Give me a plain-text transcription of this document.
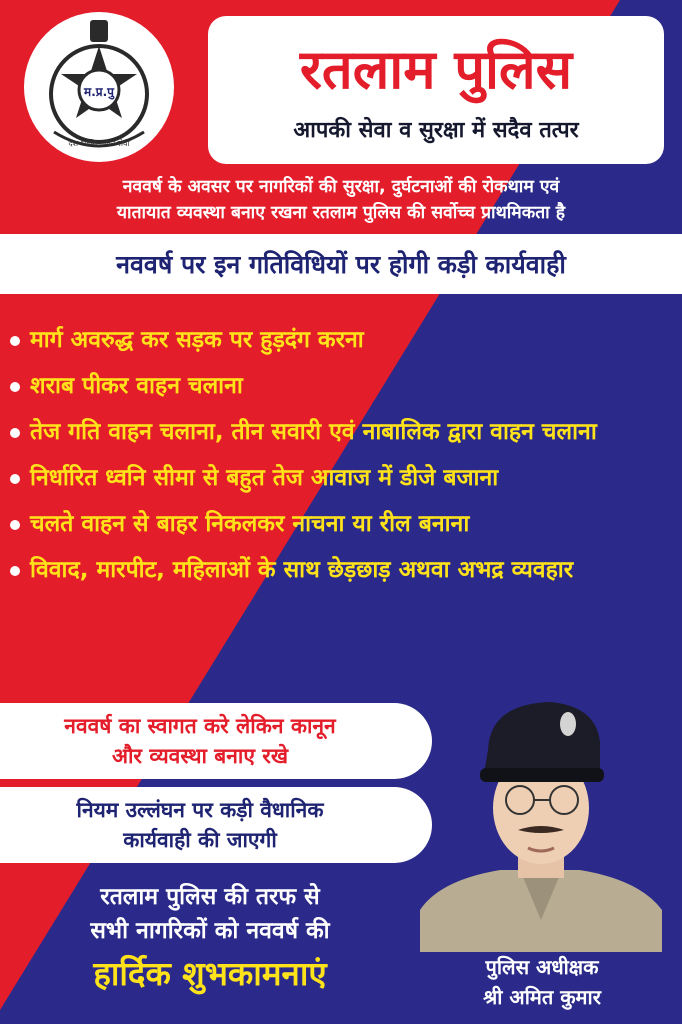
म.प्र.पु
देश भक्ति · जन सेवा
रतलाम पुलिस
आपकी सेवा व सुरक्षा में सदैव तत्पर
नववर्ष के अवसर पर नागरिकों की सुरक्षा, दुर्घटनाओं की रोकथाम एवं
यातायात व्यवस्था बनाए रखना रतलाम पुलिस की सर्वोच्च प्राथमिकता है
नववर्ष पर इन गतिविधियों पर होगी कड़ी कार्यवाही
मार्ग अवरुद्ध कर सड़क पर हुड़दंग करना
शराब पीकर वाहन चलाना
तेज गति वाहन चलाना, तीन सवारी एवं नाबालिक द्वारा वाहन चलाना
निर्धारित ध्वनि सीमा से बहुत तेज आवाज में डीजे बजाना
चलते वाहन से बाहर निकलकर नाचना या रील बनाना
विवाद, मारपीट, महिलाओं के साथ छेड़छाड़ अथवा अभद्र व्यवहार
नववर्ष का स्वागत करे लेकिन कानून
और व्यवस्था बनाए रखे
नियम उल्लंघन पर कड़ी वैधानिक
कार्यवाही की जाएगी
रतलाम पुलिस की तरफ से
सभी नागरिकों को नववर्ष की
हार्दिक शुभकामनाएं	पुलिस अधीक्षक
श्री अमित कुमार
